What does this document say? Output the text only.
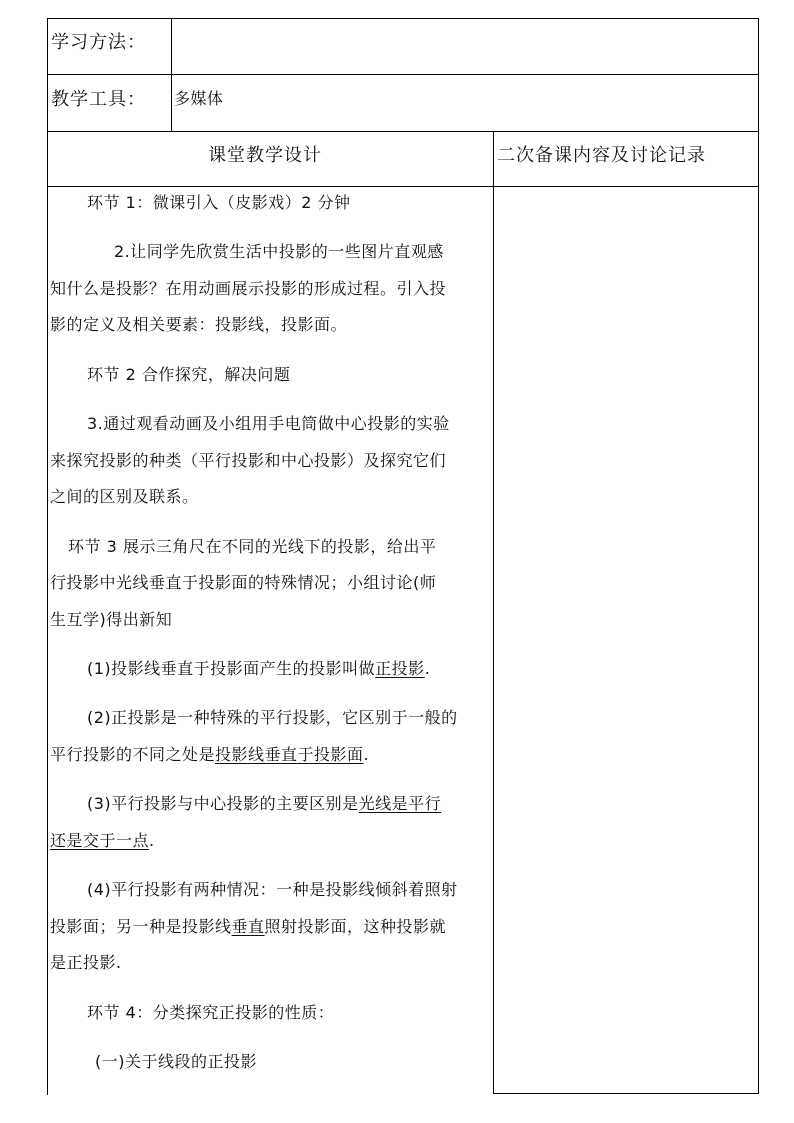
学习方法：
教学工具： 多媒体
课堂教学设计	二次备课内容及讨论记录
环节 1：微课引入（皮影戏）2 分钟
2.让同学先欣赏生活中投影的一些图片直观感
知什么是投影？在用动画展示投影的形成过程。引入投
影的定义及相关要素：投影线，投影面。
环节 2 合作探究，解决问题
3.通过观看动画及小组用手电筒做中心投影的实验
来探究投影的种类（平行投影和中心投影）及探究它们
之间的区别及联系。
环节 3 展示三角尺在不同的光线下的投影，给出平
行投影中光线垂直于投影面的特殊情况；小组讨论(师
生互学)得出新知
(1)投影线垂直于投影面产生的投影叫做正投影.
(2)正投影是一种特殊的平行投影，它区别于一般的
平行投影的不同之处是投影线垂直于投影面.
(3)平行投影与中心投影的主要区别是光线是平行
还是交于一点.
(4)平行投影有两种情况：一种是投影线倾斜着照射
投影面；另一种是投影线垂直照射投影面，这种投影就
是正投影.
环节 4：分类探究正投影的性质：
(一)关于线段的正投影
